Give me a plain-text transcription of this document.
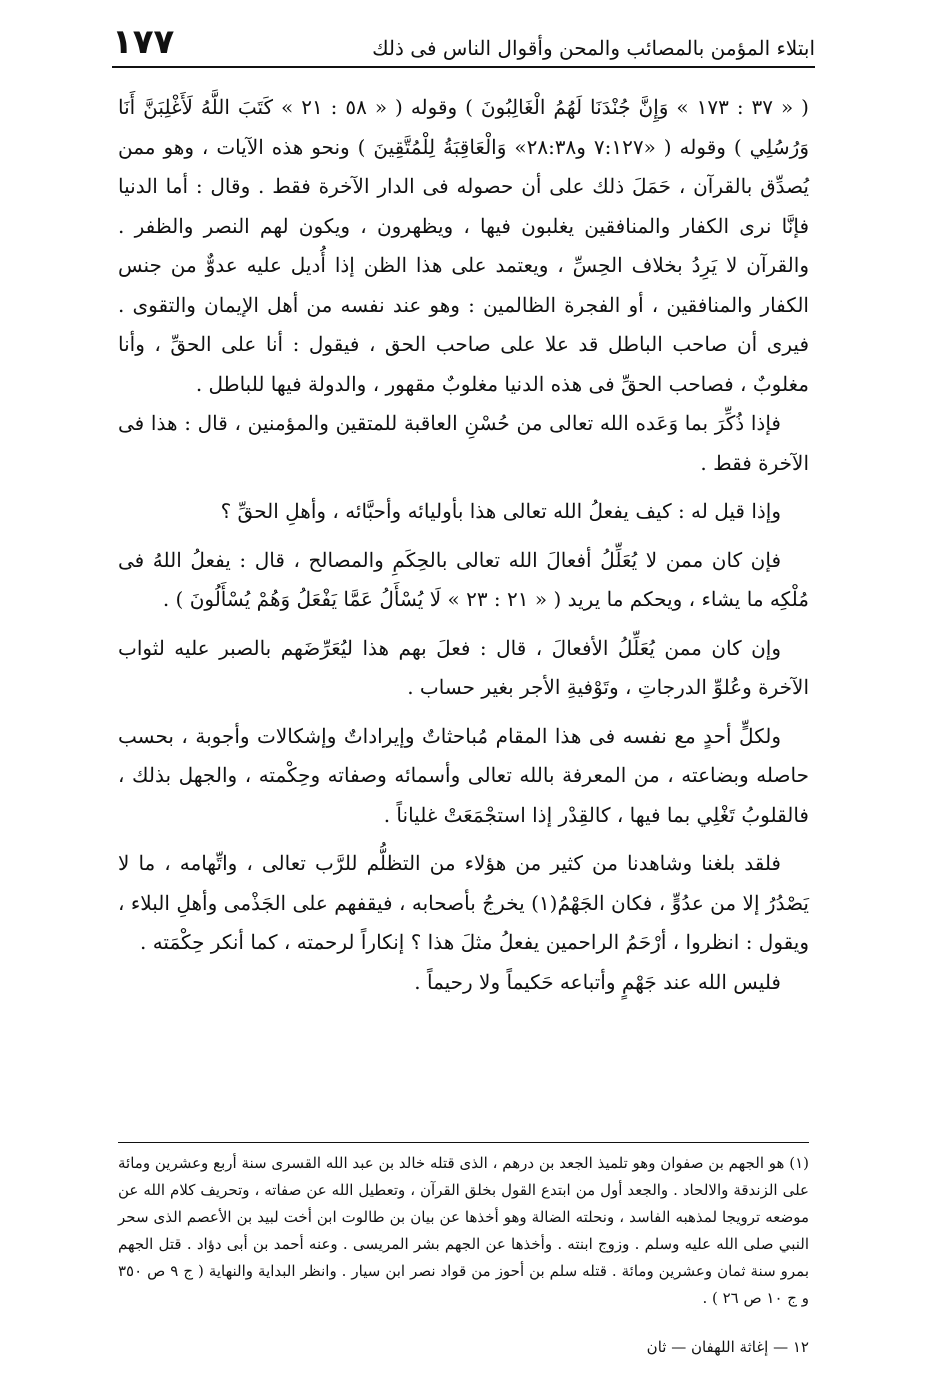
ابتلاء المؤمن بالمصائب والمحن وأقوال الناس فى ذلك
١٧٧

( « ٣٧ : ١٧٣ » وَإِنَّ جُنْدَنَا لَهُمُ الْغَالِبُونَ ) وقوله ( « ٥٨ : ٢١ » كَتَبَ اللَّهُ لَأَغْلِبَنَّ أَنَا وَرُسُلِي ) وقوله ( «٧:١٢٧ و٢٨:٣٨» وَالْعَاقِبَةُ لِلْمُتَّقِينَ ) ونحو هذه الآيات ، وهو ممن يُصدِّق بالقرآن ، حَمَلَ ذلك على أن حصوله فى الدار الآخرة فقط . وقال : أما الدنيا فإنَّا نرى الكفار والمنافقين يغلبون فيها ، ويظهرون ، ويكون لهم النصر والظفر . والقرآن لا يَرِدُ بخلاف الحِسِّ ، ويعتمد على هذا الظن إذا أُديل عليه عدوٌّ من جنس الكفار والمنافقين ، أو الفجرة الظالمين : وهو عند نفسه من أهل الإيمان والتقوى . فيرى أن صاحب الباطل قد علا على صاحب الحق ، فيقول : أنا على الحقِّ ، وأنا مغلوبٌ ، فصاحب الحقِّ فى هذه الدنيا مغلوبٌ مقهور ، والدولة فيها للباطل .

فإذا ذُكِّرَ بما وَعَده الله تعالى من حُسْنِ العاقبة للمتقين والمؤمنين ، قال : هذا فى الآخرة فقط .

وإذا قيل له : كيف يفعلُ الله تعالى هذا بأوليائه وأحبَّائه ، وأهلِ الحقِّ ؟

فإن كان ممن لا يُعَلِّلُ أفعالَ الله تعالى بالحِكَمِ والمصالح ، قال : يفعلُ اللهُ فى مُلْكِه ما يشاء ، ويحكم ما يريد ( « ٢١ : ٢٣ » لَا يُسْأَلُ عَمَّا يَفْعَلُ وَهُمْ يُسْأَلُونَ ) .

وإن كان ممن يُعَلِّلُ الأفعالَ ، قال : فعلَ بهم هذا ليُعَرِّضَهم بالصبر عليه لثواب الآخرة وعُلوِّ الدرجاتِ ، وتَوْفيةِ الأجر بغير حساب .

ولكلٍّ أحدٍ مع نفسه فى هذا المقام مُباحثاتٌ وإيراداتٌ وإشكالات وأجوبة ، بحسب حاصله وبضاعته ، من المعرفة بالله تعالى وأسمائه وصفاته وحِكْمته ، والجهل بذلك ، فالقلوبُ تَغْلِي بما فيها ، كالقِدْر إذا استجْمَعَتْ غلياناً .

فلقد بلغنا وشاهدنا من كثير من هؤلاء من التظلُّم للرَّب تعالى ، واتِّهامه ، ما لا يَصْدُرُ إلا من عدُوٍّ ، فكان الجَهْمُ(١) يخرجُ بأصحابه ، فيقفهم على الجَذْمى وأهلِ البلاء ، ويقول : انظروا ، أرْحَمُ الراحمين يفعلُ مثلَ هذا ؟ إنكاراً لرحمته ، كما أنكر حِكْمَته .

فليس الله عند جَهْمٍ وأتباعه حَكيماً ولا رحيماً .

(١) هو الجهم بن صفوان وهو تلميذ الجعد بن درهم ، الذى قتله خالد بن عبد الله القسرى سنة أربع وعشرين ومائة على الزندقة والالحاد . والجعد أول من ابتدع القول بخلق القرآن ، وتعطيل الله عن صفاته ، وتحريف كلام الله عن موضعه ترويجا لمذهبه الفاسد ، ونحلته الضالة وهو أخذها عن بيان بن طالوت ابن أخت لبيد بن الأعصم الذى سحر النبي صلى الله عليه وسلم . وزوج ابنته . وأخذها عن الجهم بشر المريسى . وعنه أحمد بن أبى دؤاد . قتل الجهم بمرو سنة ثمان وعشرين ومائة . قتله سلم بن أحوز من قواد نصر ابن سيار . وانظر البداية والنهاية ( ج ٩ ص ٣٥٠ و ج ١٠ ص ٢٦ ) .

١٢ — إغاثة اللهفان — ثان
